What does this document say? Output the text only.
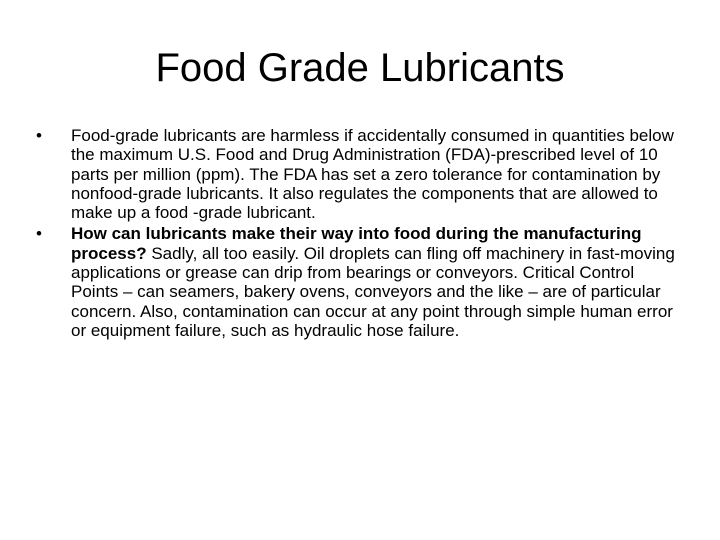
Food Grade Lubricants
•	Food-grade lubricants are harmless if accidentally consumed in quantities below the maximum U.S. Food and Drug Administration (FDA)-prescribed level of 10 parts per million (ppm). The FDA has set a zero tolerance for contamination by nonfood-grade lubricants. It also regulates the components that are allowed to make up a food -grade lubricant.
•	How can lubricants make their way into food during the manufacturing process? Sadly, all too easily. Oil droplets can fling off machinery in fast-moving applications or grease can drip from bearings or conveyors. Critical Control Points – can seamers, bakery ovens, conveyors and the like – are of particular concern. Also, contamination can occur at any point through simple human error or equipment failure, such as hydraulic hose failure.
